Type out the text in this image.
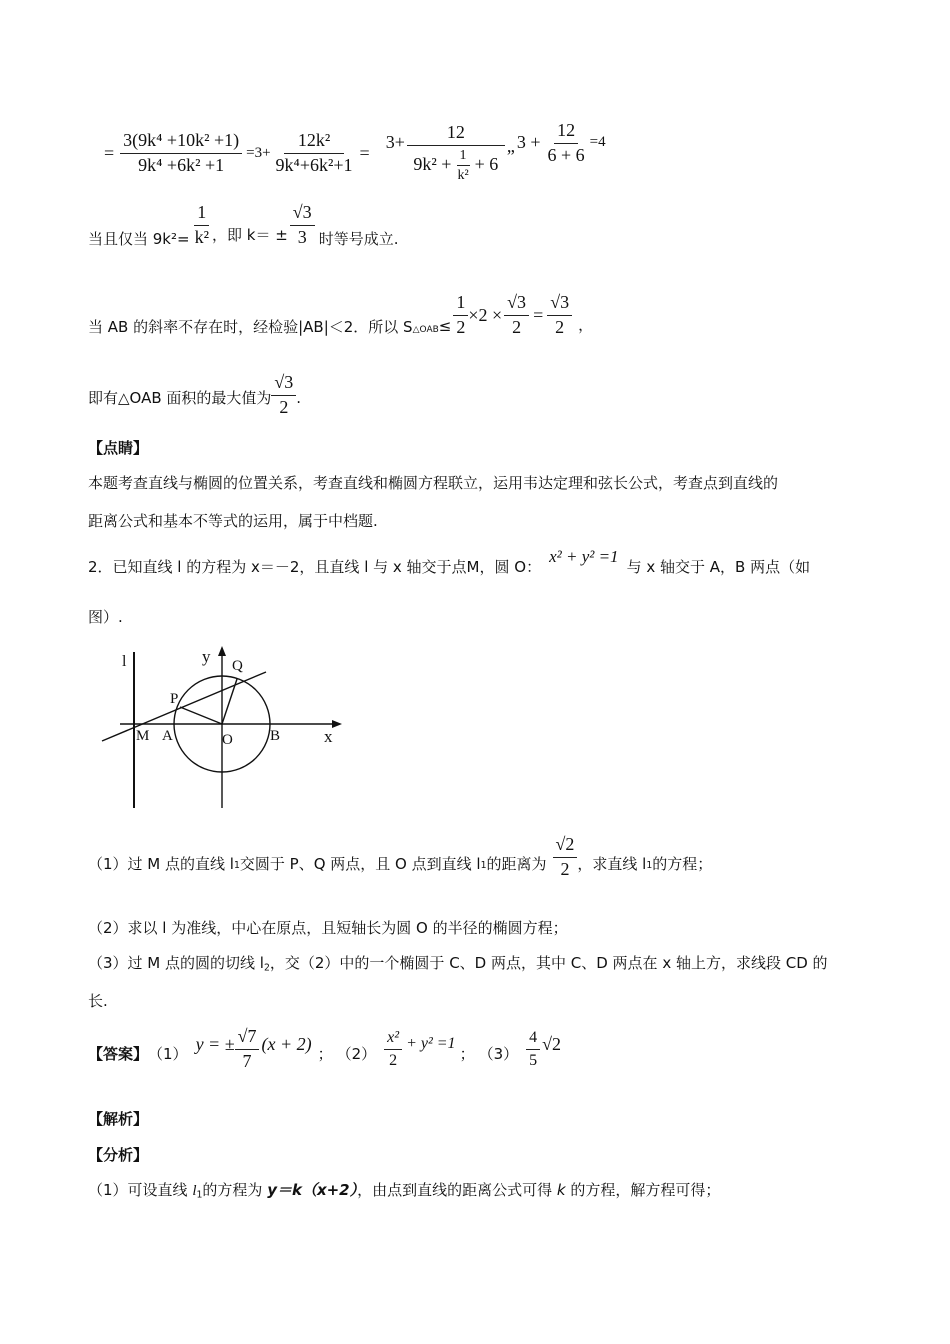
= $\frac{\text{3(9k⁴ +10k² +1)}}{\text{9k⁴ +6k² +1}} =3+ \frac{\text{12k²}}{\text{9k⁴+6k²+1}}$ =
$3+ \frac{12}{9k^2 + \frac{1}{\text{k²}} + 6}$ „ $3 + \frac{12}{6 + 6} =4$
当且仅当 $9k^2= \frac{1}{\text{k²}}$ ，即 $k= \pm \frac{√3}{3}$ 时等号成立.
当 AB 的斜率不存在时，经检验|AB|＜2．所以 S △OAB ≤ $\frac{1}{2} \times 2 \times \frac{√3}{2} = \frac{√3}{2}$ ，
即有△OAB 面积的最大值为 $\frac{√3}{2}$ .
【点睛】
本题考查直线与椭圆的位置关系，考查直线和椭圆方程联立，运用韦达定理和弦长公式，考查点到直线的
距离公式和基本不等式的运用，属于中档题.
2．已知直线 l 的方程为 x＝－2，且直线 l 与 x 轴交于点M，圆 O：
x² + y² =1
与 x 轴交于 A，B 两点（如
图）.
l	y Q
P
M A	O B	x
（1）过 M 点的直线 l 1 交圆于 P、Q 两点，且 O 点到直线 l 1 的距离为 $\frac{√2}{2}$ ，求直线 l 1 的方程；
（2）求以 l 为准线，中心在原点，且短轴长为圆 O 的半径的椭圆方程；
（3）过 M 点的圆的切线 $l_2$，交（2）中的一个椭圆于 C、D 两点，其中 C、D 两点在 x 轴上方，求线段 CD 的
长.
【答案】 （1） y = ± $\frac{√7}{7} (x + 2)$ ； $(2) \frac{\text{x²}}{2} + y^2 =1$
； $(3) \frac{4}{5} √2$
【解析】
【分析】
（1）可设直线 $l_1$的方程为 y＝k（x+2），由点到直线的距离公式可得 k 的方程，解方程可得；
